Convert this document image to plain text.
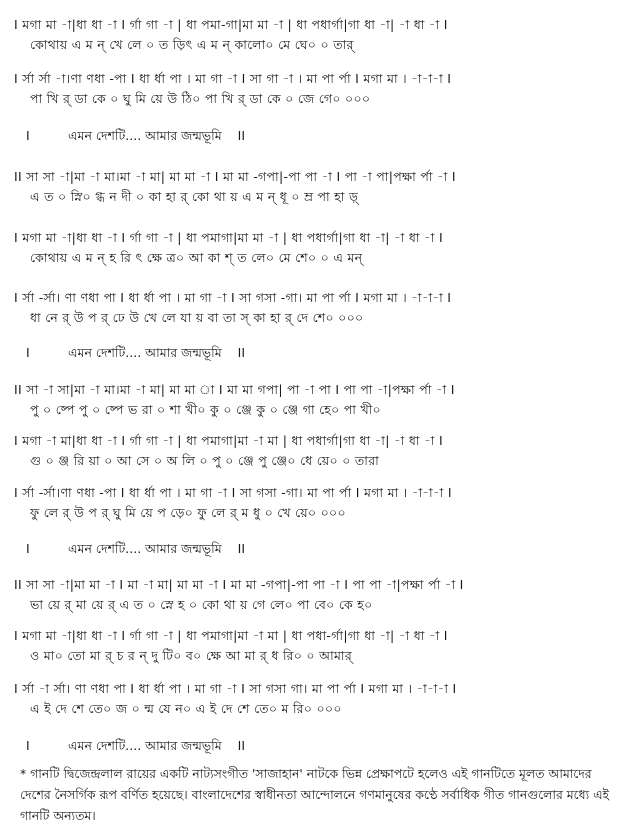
I মগা মা -া|ধা ধা -া I র্গা গা -া | ধা পমা-গা|মা মা -া | ধা পধার্গা|গা ধা -া| -া ধা -া I
কোথায় এ ম ন্ খে লে ০ ত ড়িৎ এ ম ন্ কালো০ মে ঘে০ ০ তার্
I র্সা র্সা -া।ণা ণধা -পা I ধা র্ধা পা । মা গা -া I সা গা -া । মা পা র্পা I মগা মা । -া-া-া I
পা খি র্ ডা কে ০ ঘু মি য়ে উ ঠি০ পা খি র্ ডা কে ০ জে গে০ ০০০
I	এমন দেশটি.... আমার জন্মভূমি II
II সা সা -া|মা -া মা।মা -া মা| মা মা -া I মা মা -গপা|-পা পা -া I পা -া পা|পক্ষা র্পা -া I
এ ত ০ স্নি০ গ্ধ ন দী ০ কা হা র্ কো থা য় এ ম ন্ ধূ ০ ম্র পা হা ড়্
I মগা মা -া|ধা ধা -া I র্গা গা -া | ধা পমাগা|মা মা -া | ধা পধার্গা|গা ধা -া| -া ধা -া I
কোথায় এ ম ন্ হ রি ৎ ক্ষে ত্র০ আ কা শ্ ত লে০ মে শে০ ০ এ মন্
I র্সা -র্সা। ণা ণধা পা I ধা র্ধা পা । মা গা -া I সা গসা -গা। মা পা র্পা I মগা মা । -া-া-া I
ধা নে র্ উ প র্ ঢে উ খে লে যা য় বা তা স্ কা হা র্ দে শে০ ০০০
I	এমন দেশটি.... আমার জন্মভূমি II
II সা -া সা|মা -া মা।মা -া মা| মা মা া I মা মা গপা| পা -া পা I পা পা -া|পক্ষা র্পা -া I
পু ০ ষ্পে পু ০ ষ্পে ভ রা ০ শা খী০ কু ০ ঞ্জে কু ০ ঞ্জে গা হে০ পা খী০
I মগা -া মা|ধা ধা -া I র্গা গা -া | ধা পমাগা|মা -া মা | ধা পধার্গা|গা ধা -া| -া ধা -া I
গু ০ ঞ্জ রি য়া ০ আ সে ০ অ লি ০ পু ০ ঞ্জে পু ঞ্জে০ ধে য়ে০ ০ তারা
I র্সা -র্সা।ণা ণধা -পা I ধা র্ধা পা । মা গা -া I সা গসা -গা। মা পা র্পা I মগা মা । -া-া-া I
ফু লে র্ উ প র্ ঘু মি য়ে প ড়ে০ ফু লে র্ ম ধু ০ খে য়ে০ ০০০
I	এমন দেশটি.... আমার জন্মভূমি II
II সা সা -া|মা মা -া I মা -া মা| মা মা -া I মা মা -গপা|-পা পা -া I পা পা -া|পক্ষা র্পা -া I
ভা য়ে র্ মা য়ে র্ এ ত ০ স্নে হ ০ কো থা য় গে লে০ পা বে০ কে হ০
I মগা মা -া|ধা ধা -া I র্গা গা -া | ধা পমাগা|মা -া মা | ধা পধা-র্গা|গা ধা -া| -া ধা -া I
ও মা০ তো মা র্ চ র ন্ দু টি০ ব০ ক্ষে আ মা র্ ধ রি০ ০ আমার্
I র্সা -া র্সা। ণা ণধা পা I ধা র্ধা পা । মা গা -া I সা গসা গা। মা পা র্পা I মগা মা । -া-া-া I
এ ই দে শে তে০ জ ০ ন্ম যে ন০ এ ই দে শে তে০ ম রি০ ০০০
I	এমন দেশটি.... আমার জন্মভূমি II
* গানটি দ্বিজেন্দ্রলাল রায়ের একটি নাট্যসংগীত 'সাজাহান' নাটকে ভিন্ন প্রেক্ষাপটে হলেও এই গানটিতে মূলত আমাদের দেশের নৈসর্গিক রূপ বর্ণিত হয়েছে। বাংলাদেশের স্বাধীনতা আন্দোলনে গণমানুষের কণ্ঠে সর্বাধিক গীত গানগুলোর মধ্যে এই গানটি অন্যতম।
